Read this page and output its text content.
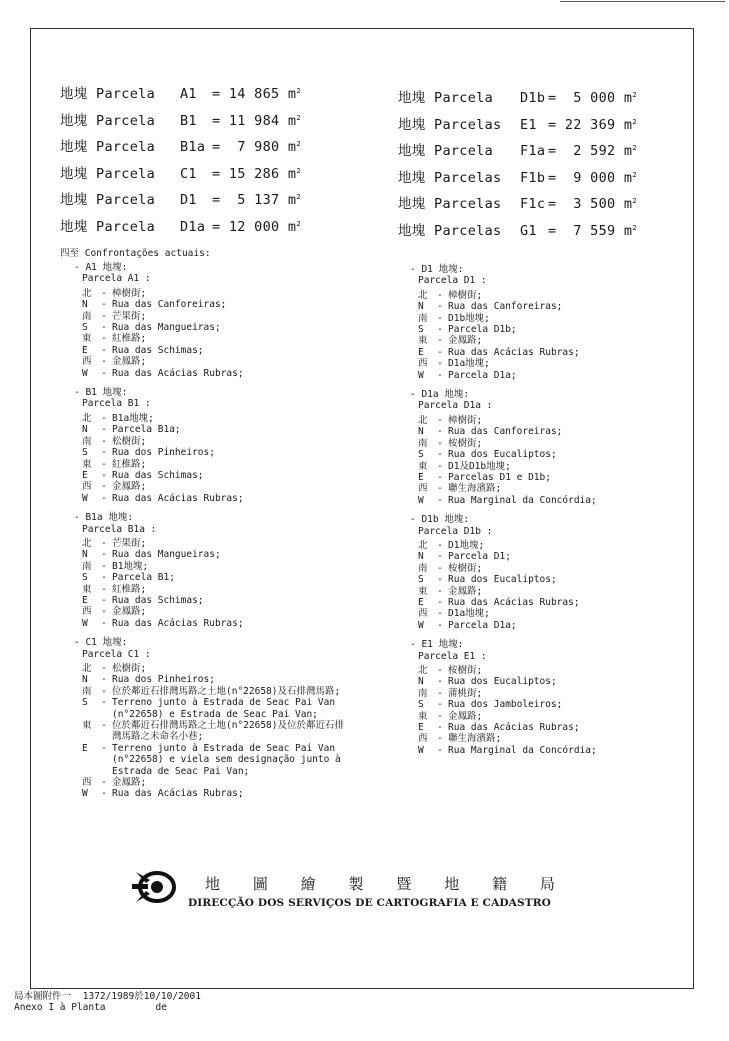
地塊 Parcela A1 = 14 865 $m^2$
地塊 Parcela B1 = 11 984 $m^2$
地塊 Parcela B1a =  7 980 $m^2$
地塊 Parcela C1 = 15 286 $m^2$
地塊 Parcela D1 =  5 137 $m^2$
地塊 Parcela D1a = 12 000 $m^2$
地塊 Parcela D1b =  5 000 $m^2$
地塊 Parcelas E1 = 22 369 $m^2$
地塊 Parcela F1a =  2 592 $m^2$
地塊 Parcelas F1b =  9 000 $m^2$
地塊 Parcelas F1c =  3 500 $m^2$
地塊 Parcelas G1 =  7 559 $m^2$
四至 Confrontações actuais:
- A1 地塊:
Parcela A1 :
北	- 樟樹街;
N	- Rua das Canforeiras;
南	- 芒果街;
S	- Rua das Mangueiras;
東	- 紅椎路;
E	- Rua das Schimas;
西	- 金鳳路;
W	- Rua das Acácias Rubras;
- B1 地塊:
Parcela B1 :
北	- B1a地塊;
N	- Parcela B1a;
南	- 松樹街;
S	- Rua dos Pinheiros;
東	- 紅椎路;
E	- Rua das Schimas;
西	- 金鳳路;
W	- Rua das Acácias Rubras;
- B1a 地塊:
Parcela B1a :
北	- 芒果街;
N	- Rua das Mangueiras;
南	- B1地塊;
S	- Parcela B1;
東	- 紅椎路;
E	- Rua das Schimas;
西	- 金鳳路;
W	- Rua das Acácias Rubras;
- C1 地塊:
Parcela C1 :
北	- 松樹街;
N	- Rua dos Pinheiros;
南	- 位於鄰近石排灣馬路之土地(n°22658)及石排灣馬路;
S	- Terreno junto à Estrada de Seac Pai Van
(n°22658) e Estrada de Seac Pai Van;
東	- 位於鄰近石排灣馬路之土地(n°22658)及位於鄰近石排
灣馬路之未命名小巷;
E	- Terreno junto à Estrada de Seac Pai Van
(n°22658) e viela sem designação junto à
Estrada de Seac Pai Van;
西	- 金鳳路;
W	- Rua das Acácias Rubras;
- D1 地塊:
Parcela D1 :
北	- 樟樹街;
N	- Rua das Canforeiras;
南	- D1b地塊;
S	- Parcela D1b;
東	- 金鳳路;
E	- Rua das Acácias Rubras;
西	- D1a地塊;
W	- Parcela D1a;
- D1a 地塊:
Parcela D1a :
北	- 樟樹街;
N	- Rua das Canforeiras;
南	- 桉樹街;
S	- Rua dos Eucaliptos;
東	- D1及D1b地塊;
E	- Parcelas D1 e D1b;
西	- 聯生海濱路;
W	- Rua Marginal da Concórdia;
- D1b 地塊:
Parcela D1b :
北	- D1地塊;
N	- Parcela D1;
南	- 桉樹街;
S	- Rua dos Eucaliptos;
東	- 金鳳路;
E	- Rua das Acácias Rubras;
西	- D1a地塊;
W	- Parcela D1a;
- E1 地塊:
Parcela E1 :
北	- 桉樹街;
N	- Rua dos Eucaliptos;
南	- 蒲桃街;
S	- Rua dos Jamboleiros;
東	- 金鳳路;
E	- Rua das Acácias Rubras;
西	- 聯生海濱路;
W	- Rua Marginal da Concórdia;
地 圖 繪 製 暨 地 籍 局
DIRECÇÃO DOS SERVIÇOS DE CARTOGRAFIA E CADASTRO
局本圖附件一 1372/1989於10/10/2001
Anexo I à Planta	de
